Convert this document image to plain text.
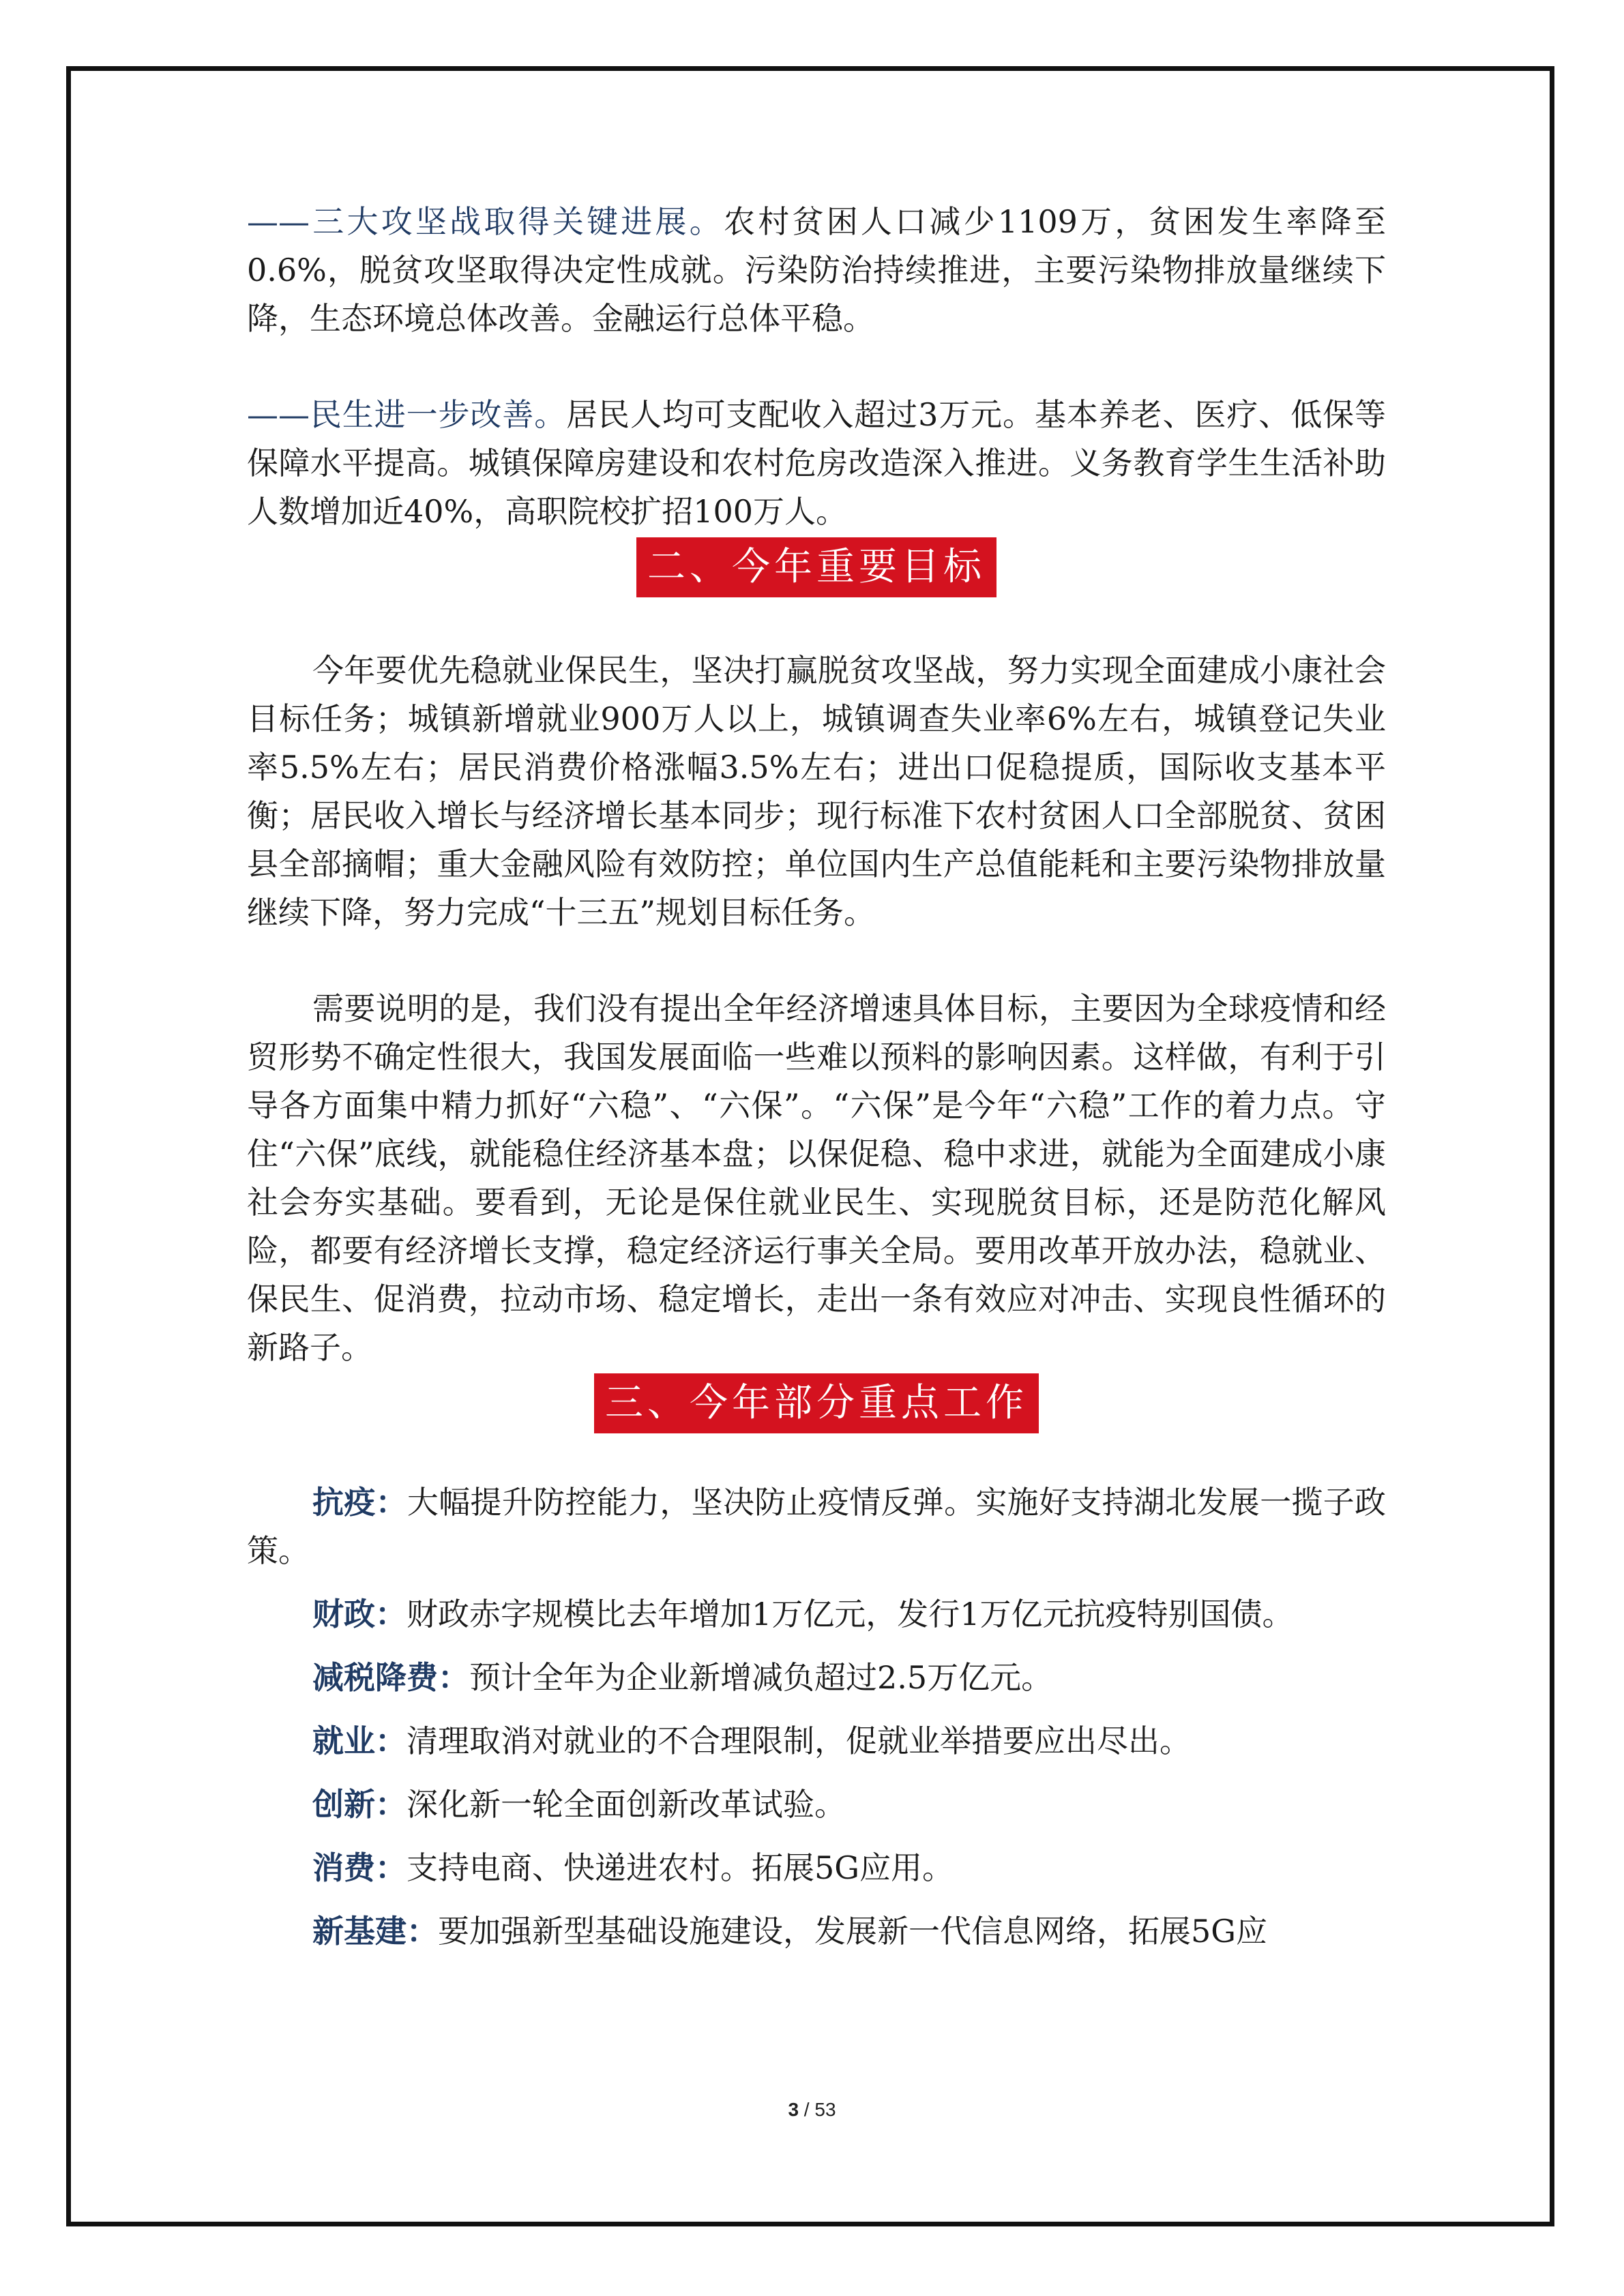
——三大攻坚战取得关键进展。农村贫困人口减少1109万，贫困发生率降至0.6%，脱贫攻坚取得决定性成就。污染防治持续推进，主要污染物排放量继续下降，生态环境总体改善。金融运行总体平稳。

——民生进一步改善。居民人均可支配收入超过3万元。基本养老、医疗、低保等保障水平提高。城镇保障房建设和农村危房改造深入推进。义务教育学生生活补助人数增加近40%，高职院校扩招100万人。

二、今年重要目标

今年要优先稳就业保民生，坚决打赢脱贫攻坚战，努力实现全面建成小康社会目标任务；城镇新增就业900万人以上，城镇调查失业率6%左右，城镇登记失业率5.5%左右；居民消费价格涨幅3.5%左右；进出口促稳提质，国际收支基本平衡；居民收入增长与经济增长基本同步；现行标准下农村贫困人口全部脱贫、贫困县全部摘帽；重大金融风险有效防控；单位国内生产总值能耗和主要污染物排放量继续下降，努力完成“十三五”规划目标任务。

需要说明的是，我们没有提出全年经济增速具体目标，主要因为全球疫情和经贸形势不确定性很大，我国发展面临一些难以预料的影响因素。这样做，有利于引导各方面集中精力抓好“六稳”、“六保”。“六保”是今年“六稳”工作的着力点。守住“六保”底线，就能稳住经济基本盘；以保促稳、稳中求进，就能为全面建成小康社会夯实基础。要看到，无论是保住就业民生、实现脱贫目标，还是防范化解风险，都要有经济增长支撑，稳定经济运行事关全局。要用改革开放办法，稳就业、保民生、促消费，拉动市场、稳定增长，走出一条有效应对冲击、实现良性循环的新路子。

三、今年部分重点工作

抗疫：大幅提升防控能力，坚决防止疫情反弹。实施好支持湖北发展一揽子政策。

财政：财政赤字规模比去年增加1万亿元，发行1万亿元抗疫特别国债。

减税降费：预计全年为企业新增减负超过2.5万亿元。

就业：清理取消对就业的不合理限制，促就业举措要应出尽出。

创新：深化新一轮全面创新改革试验。

消费：支持电商、快递进农村。拓展5G应用。

新基建：要加强新型基础设施建设，发展新一代信息网络，拓展5G应

3 / 53
